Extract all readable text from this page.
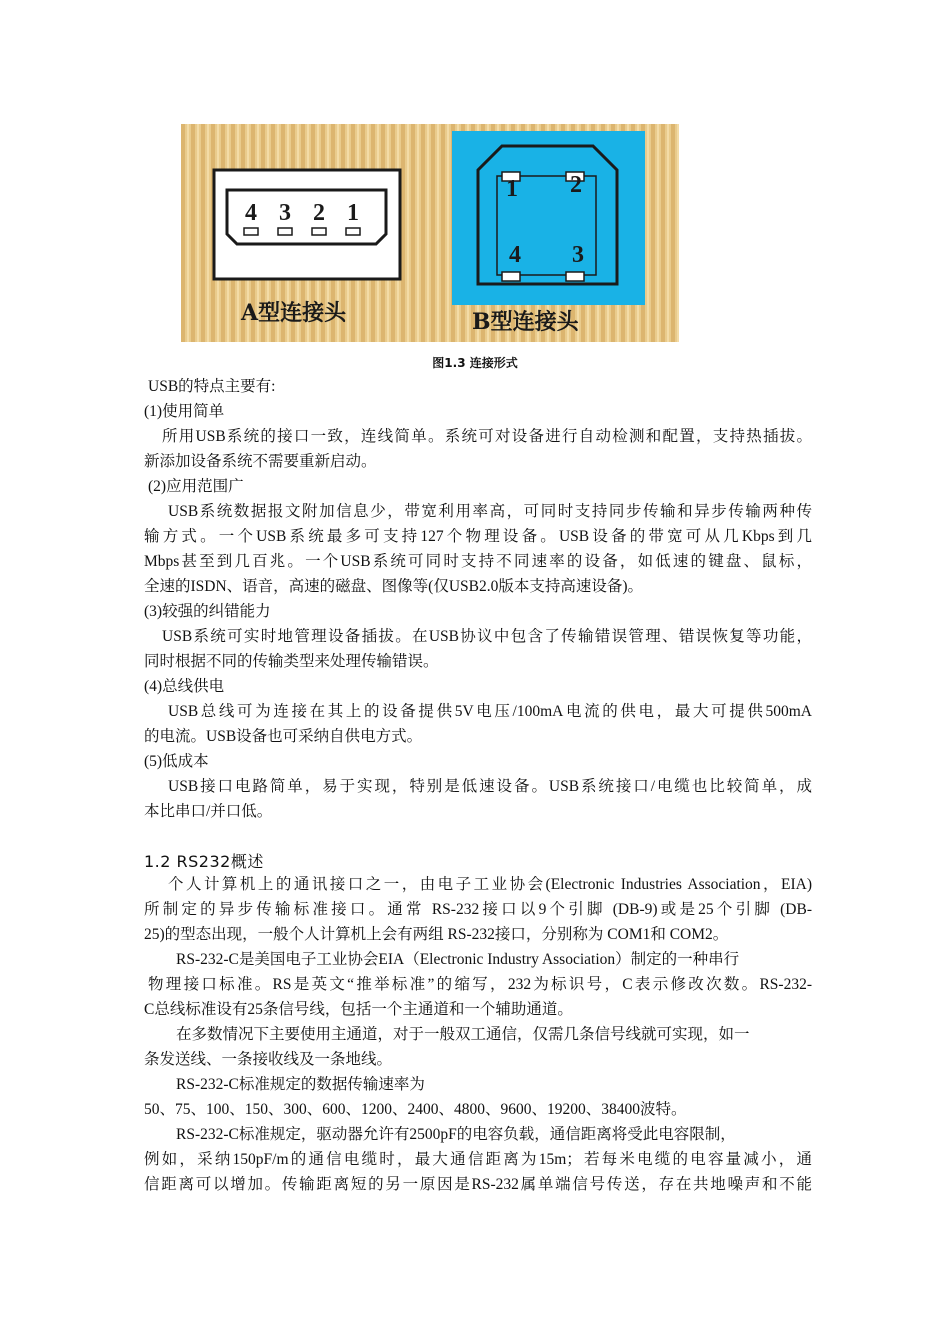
4 3 2 1
A型连接头
1 2
4 3
B型连接头
图1.3 连接形式
USB的特点主要有:
(1)使用简单
所用USB系统的接口一致，连线简单。系统可对设备进行自动检测和配置，支持热插拔。
新添加设备系统不需要重新启动。
(2)应用范围广
USB系统数据报文附加信息少，带宽利用率高，可同时支持同步传输和异步传输两种传
输方式。一个USB系统最多可支持127个物理设备。USB设备的带宽可从几Kbps到几
Mbps甚至到几百兆。一个USB系统可同时支持不同速率的设备，如低速的键盘、鼠标，
全速的ISDN、语音，高速的磁盘、图像等(仅USB2.0版本支持高速设备)。
(3)较强的纠错能力
USB系统可实时地管理设备插拔。在USB协议中包含了传输错误管理、错误恢复等功能，
同时根据不同的传输类型来处理传输错误。
(4)总线供电
USB总线可为连接在其上的设备提供5V电压/100mA电流的供电，最大可提供500mA
的电流。USB设备也可采纳自供电方式。
(5)低成本
USB接口电路简单，易于实现，特别是低速设备。USB系统接口/电缆也比较简单，成
本比串口/并口低。
1.2 RS232概述
个人计算机上的通讯接口之一，由电子工业协会(Electronic Industries Association，EIA)
所制定的异步传输标准接口。通常 RS-232接口以9个引脚 (DB-9)或是25个引脚 (DB-
25)的型态出现，一般个人计算机上会有两组 RS-232接口，分别称为 COM1和 COM2。
RS-232-C是美国电子工业协会EIA（Electronic Industry Association）制定的一种串行
物理接口标准。RS是英文“推举标准”的缩写，232为标识号，C表示修改次数。RS-232-
C总线标准设有25条信号线，包括一个主通道和一个辅助通道。
在多数情况下主要使用主通道，对于一般双工通信，仅需几条信号线就可实现，如一
条发送线、一条接收线及一条地线。
RS-232-C标准规定的数据传输速率为
50、75、100、150、300、600、1200、2400、4800、9600、19200、38400波特。
RS-232-C标准规定，驱动器允许有2500pF的电容负载，通信距离将受此电容限制，
例如，采纳150pF/m的通信电缆时，最大通信距离为15m；若每米电缆的电容量减小，通
信距离可以增加。传输距离短的另一原因是RS-232属单端信号传送，存在共地噪声和不能
